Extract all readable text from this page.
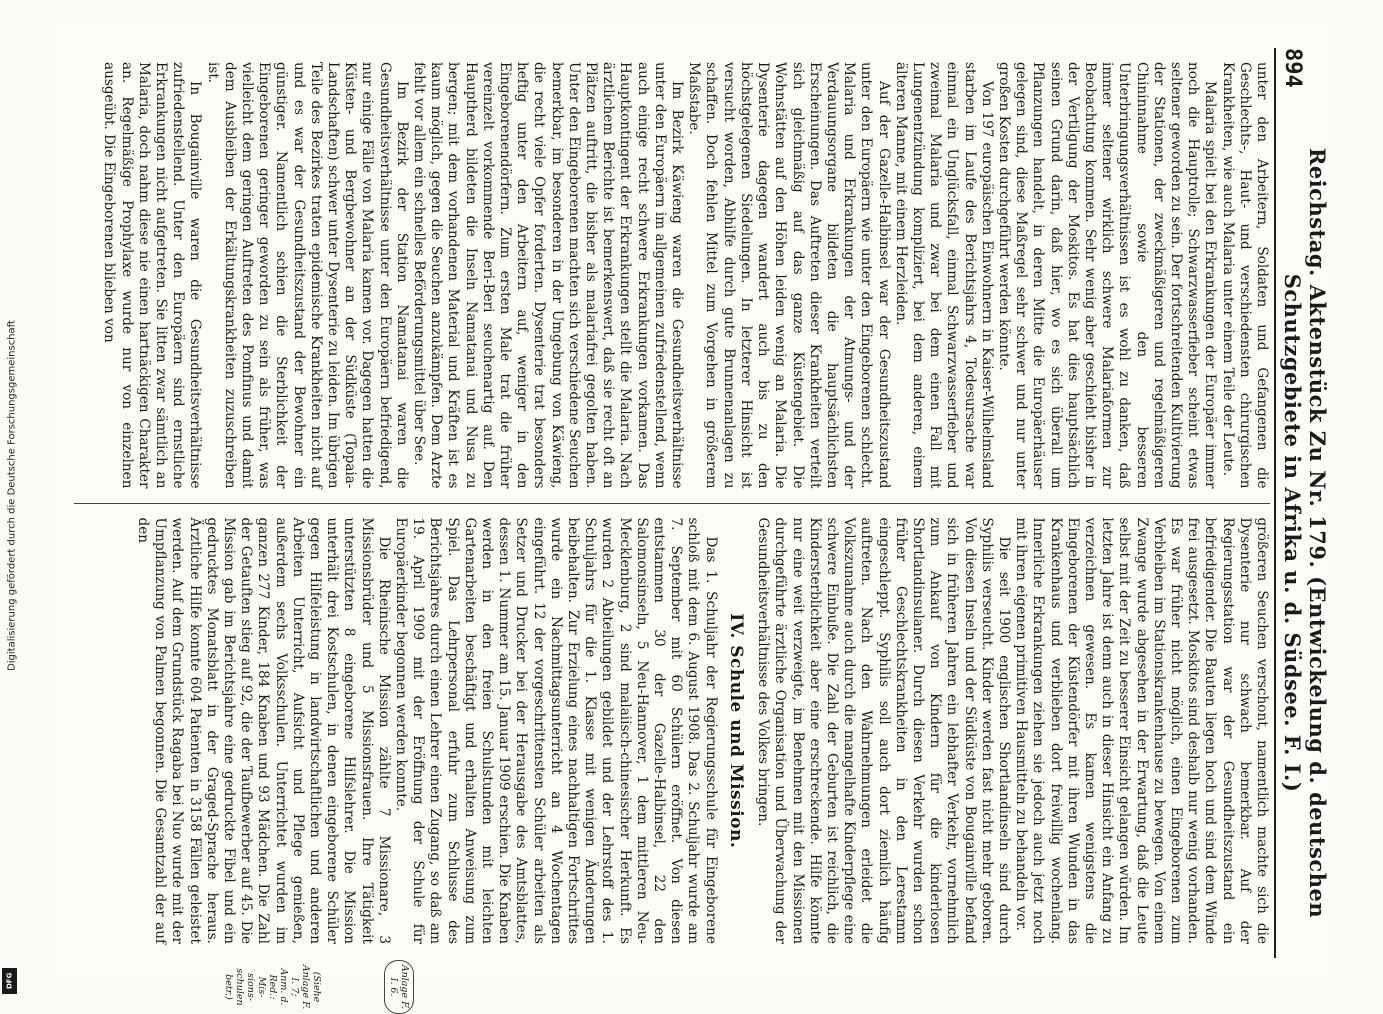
894
Reichstag. Aktenstück Zu Nr. 179. (Entwickelung d. deutschen Schutzgebiete in Afrika u. d. Südsee. F. I.)

unter den Arbeitern, Soldaten und Gefangenen die Geschlechts-, Haut- und verschiedensten chirurgischen Krankheiten, wie auch Malaria unter einem Teile der Leute.

Malaria spielt bei den Erkrankungen der Europäer immer noch die Hauptrolle; Schwarzwasserfieber scheint etwas seltener geworden zu sein. Der fortschreitenden Kultivierung der Stationen, der zweckmäßigeren und regelmäßigeren Chininnahme sowie den besseren Unterbringungsverhältnissen ist es wohl zu danken, daß immer seltener wirklich schwere Malariaformen zur Beobachtung kommen. Sehr wenig aber geschieht bisher in der Vertilgung der Moskitos. Es hat dies hauptsächlich seinen Grund darin, daß hier, wo es sich überall um Pflanzungen handelt, in deren Mitte die Europäerhäuser gelegen sind, diese Maßregel sehr schwer und nur unter großen Kosten durchgeführt werden könnte.

Von 197 europäischen Einwohnern in Kaiser-Wilhelmsland starben im Laufe des Berichtsjahrs 4, Todesursache war einmal ein Unglücksfall, einmal Schwarzwasserfieber und zweimal Malaria und zwar bei dem einen Fall mit Lungenentzündung kompliziert, bei dem anderen, einem älteren Manne, mit einem Herzleiden.

Auf der Gazelle-Halbinsel war der Gesundheitszustand unter den Europäern wie unter den Eingeborenen schlecht. Malaria und Erkrankungen der Atmungs- und der Verdauungsorgane bildeten die hauptsächlichsten Erscheinungen. Das Auftreten dieser Krankheiten verteilt sich gleichmäßig auf das ganze Küstengebiet. Die Wohnstätten auf den Höhen leiden wenig an Malaria. Die Dysenterie dagegen wandert auch bis zu den höchstgelegenen Siedelungen. In letzterer Hinsicht ist versucht worden, Abhilfe durch gute Brunnenanlagen zu schaffen. Doch fehlen Mittel zum Vorgehen in größerem Maßstabe.

Im Bezirk Käwieng waren die Gesundheitsverhältnisse unter den Europäern im allgemeinen zufriedenstellend, wenn auch einige recht schwere Erkrankungen vorkamen. Das Hauptkontingent der Erkrankungen stellt die Malaria. Nach ärztlichem Berichte ist bemerkenswert, daß sie recht oft an Plätzen auftritt, die bisher als malariafrei gegolten haben. Unter den Eingeborenen machten sich verschiedene Seuchen bemerkbar, im besonderen in der Umgebung von Käwieng, die recht viele Opfer forderten. Dysenterie trat besonders heftig unter den Arbeitern auf, weniger in den Eingeborenendörfern. Zum ersten Male trat die früher vereinzelt vorkommende Beri-Beri seuchenartig auf. Den Hauptherd bildeten die Inseln Namatanai und Nusa zu bergen; mit dem vorhandenen Material und Kräften ist es kaum möglich, gegen die Seuchen anzukämpfen. Dem Arzte fehlt vor allem ein schnelles Beförderungsmittel über See.

Im Bezirk der Station Namatanai waren die Gesundheitsverhältnisse unter den Europäern befriedigend, nur einige Fälle von Malaria kamen vor. Dagegen hatten die Küsten- und Bergbewohner an der Südküste (Topaia-Landschaften) schwer unter Dysenterie zu leiden. Im übrigen Teile des Bezirkes traten epidemische Krankheiten nicht auf und es war der Gesundheitszustand der Bewohner ein günstiger. Namentlich schien die Sterblichkeit der Eingeborenen geringer geworden zu sein als früher, was vielleicht dem geringen Auftreten des Pomfinus und damit dem Ausbleiben der Erkältungskrankheiten zuzuschreiben ist.

In Bougainville waren die Gesundheitsverhältnisse zufriedenstellend. Unter den Europäern sind ernstliche Erkrankungen nicht aufgetreten. Sie litten zwar sämtlich an Malaria, doch nahm diese nie einen hartnäckigen Charakter an. Regelmäßige Prophylaxe wurde nur von einzelnen ausgeübt. Die Eingeborenen blieben von

größeren Seuchen verschont, namentlich machte sich die Dysenterie nur schwach bemerkbar. Auf der Regierungsstation war der Gesundheitszustand ein befriedigender. Die Bauten liegen hoch und sind dem Winde frei ausgesetzt. Moskitos sind deshalb nur wenig vorhanden. Es war früher nicht möglich, einen Eingeborenen zum Verbleiben im Stationskrankenhause zu bewegen. Von einem Zwange wurde abgesehen in der Erwartung, daß die Leute selbst mit der Zeit zu besserer Einsicht gelangen würden. Im letzten Jahre ist denn auch in dieser Hinsicht ein Anfang zu verzeichnen gewesen. Es kamen wenigstens die Eingeborenen der Küstendörfer mit ihren Wunden in das Krankenhaus und verblieben dort freiwillig wochenlang. Innerliche Erkrankungen ziehen sie jedoch auch jetzt noch mit ihren eigenen primitiven Hausmitteln zu behandeln vor.

Die seit 1900 englischen Shortlandinseln sind durch Syphilis verseucht. Kinder werden fast nicht mehr geboren. Von diesen Inseln und der Südküste von Bougainville befand sich in früheren Jahren ein lebhafter Verkehr, vornehmlich zum Ankauf von Kindern für die kinderlosen Shortlandinsulaner. Durch diesen Verkehr wurden schon früher Geschlechtskrankheiten in den Lerestamm eingeschleppt. Syphilis soll auch dort ziemlich häufig auftreten. Nach den Wahrnehmungen erleidet die Volkszunahme auch durch die mangelhafte Kinderpflege eine schwere Einbuße. Die Zahl der Geburten ist reichlich, die Kindersterblichkeit aber eine erschreckende. Hilfe könnte nur eine weit verzweigte, im Benehmen mit den Missionen durchgeführte ärztliche Organisation und Überwachung der Gesundheitsverhältnisse des Volkes bringen.

IV. Schule und Mission.

Das 1. Schuljahr der Regierungsschule für Eingeborene schloß mit dem 6. August 1908. Das 2. Schuljahr wurde am 7. September mit 60 Schülern eröffnet. Von diesen entstammen 30 der Gazelle-Halbinsel, 22 den Salomonsinseln, 5 Neu-Hannover, 1 dem mittleren Neu-Mecklenburg, 2 sind malaiisch-chinesischer Herkunft. Es wurden 2 Abteilungen gebildet und der Lehrstoff des 1. Schuljahrs für die 1. Klasse mit wenigen Änderungen beibehalten. Zur Erzielung eines nachhaltigen Fortschrittes wurde ein Nachmittagsunterricht an 4 Wochentagen eingeführt. 12 der vorgeschrittensten Schüler arbeiten als Setzer und Drucker bei der Herausgabe des Amtsblattes, dessen 1. Nummer am 15. Januar 1909 erschien. Die Knaben werden in den freien Schulstunden mit leichten Gartenarbeiten beschäftigt und erhalten Anweisung zum Spiel. Das Lehrpersonal erfuhr zum Schlusse des Berichtsjahres durch einen Lehrer einen Zugang, so daß am 19. April 1909 mit der Eröffnung der Schule für Europäerkinder begonnen werden konnte.

Die Rheinische Mission zählte 7 Missionare, 3 Missionsbrüder und 5 Missionsfrauen. Ihre Tätigkeit unterstützten 8 eingeborene Hilfslehrer. Die Mission unterhält drei Kostschulen, in denen eingeborene Schüler gegen Hilfeleistung in landwirtschaftlichen und anderen Arbeiten Unterricht, Aufsicht und Pflege genießen, außerdem sechs Volksschulen. Unterrichtet wurden im ganzen 277 Kinder, 184 Knaben und 93 Mädchen. Die Zahl der Getauften stieg auf 92, die der Taufbewerber auf 45. Die Mission gab im Berichtsjahre eine gedruckte Fibel und ein gedrucktes Monatsblatt in der Graged-Sprache heraus. Ärztliche Hilfe konnte 604 Patienten in 3158 Fällen geleistet werden. Auf dem Grundstück Ragaba bei Nuo wurde mit der Umpflanzung von Palmen begonnen. Die Gesamtzahl der auf den

Anlage F. I. 6.
(Siehe Anlage F. I. 7; Anm. d. Red.: Mis-sions-schulen betr.)
Digitalisierung gefördert durch die Deutsche Forschungsgemeinschaft
DFG
